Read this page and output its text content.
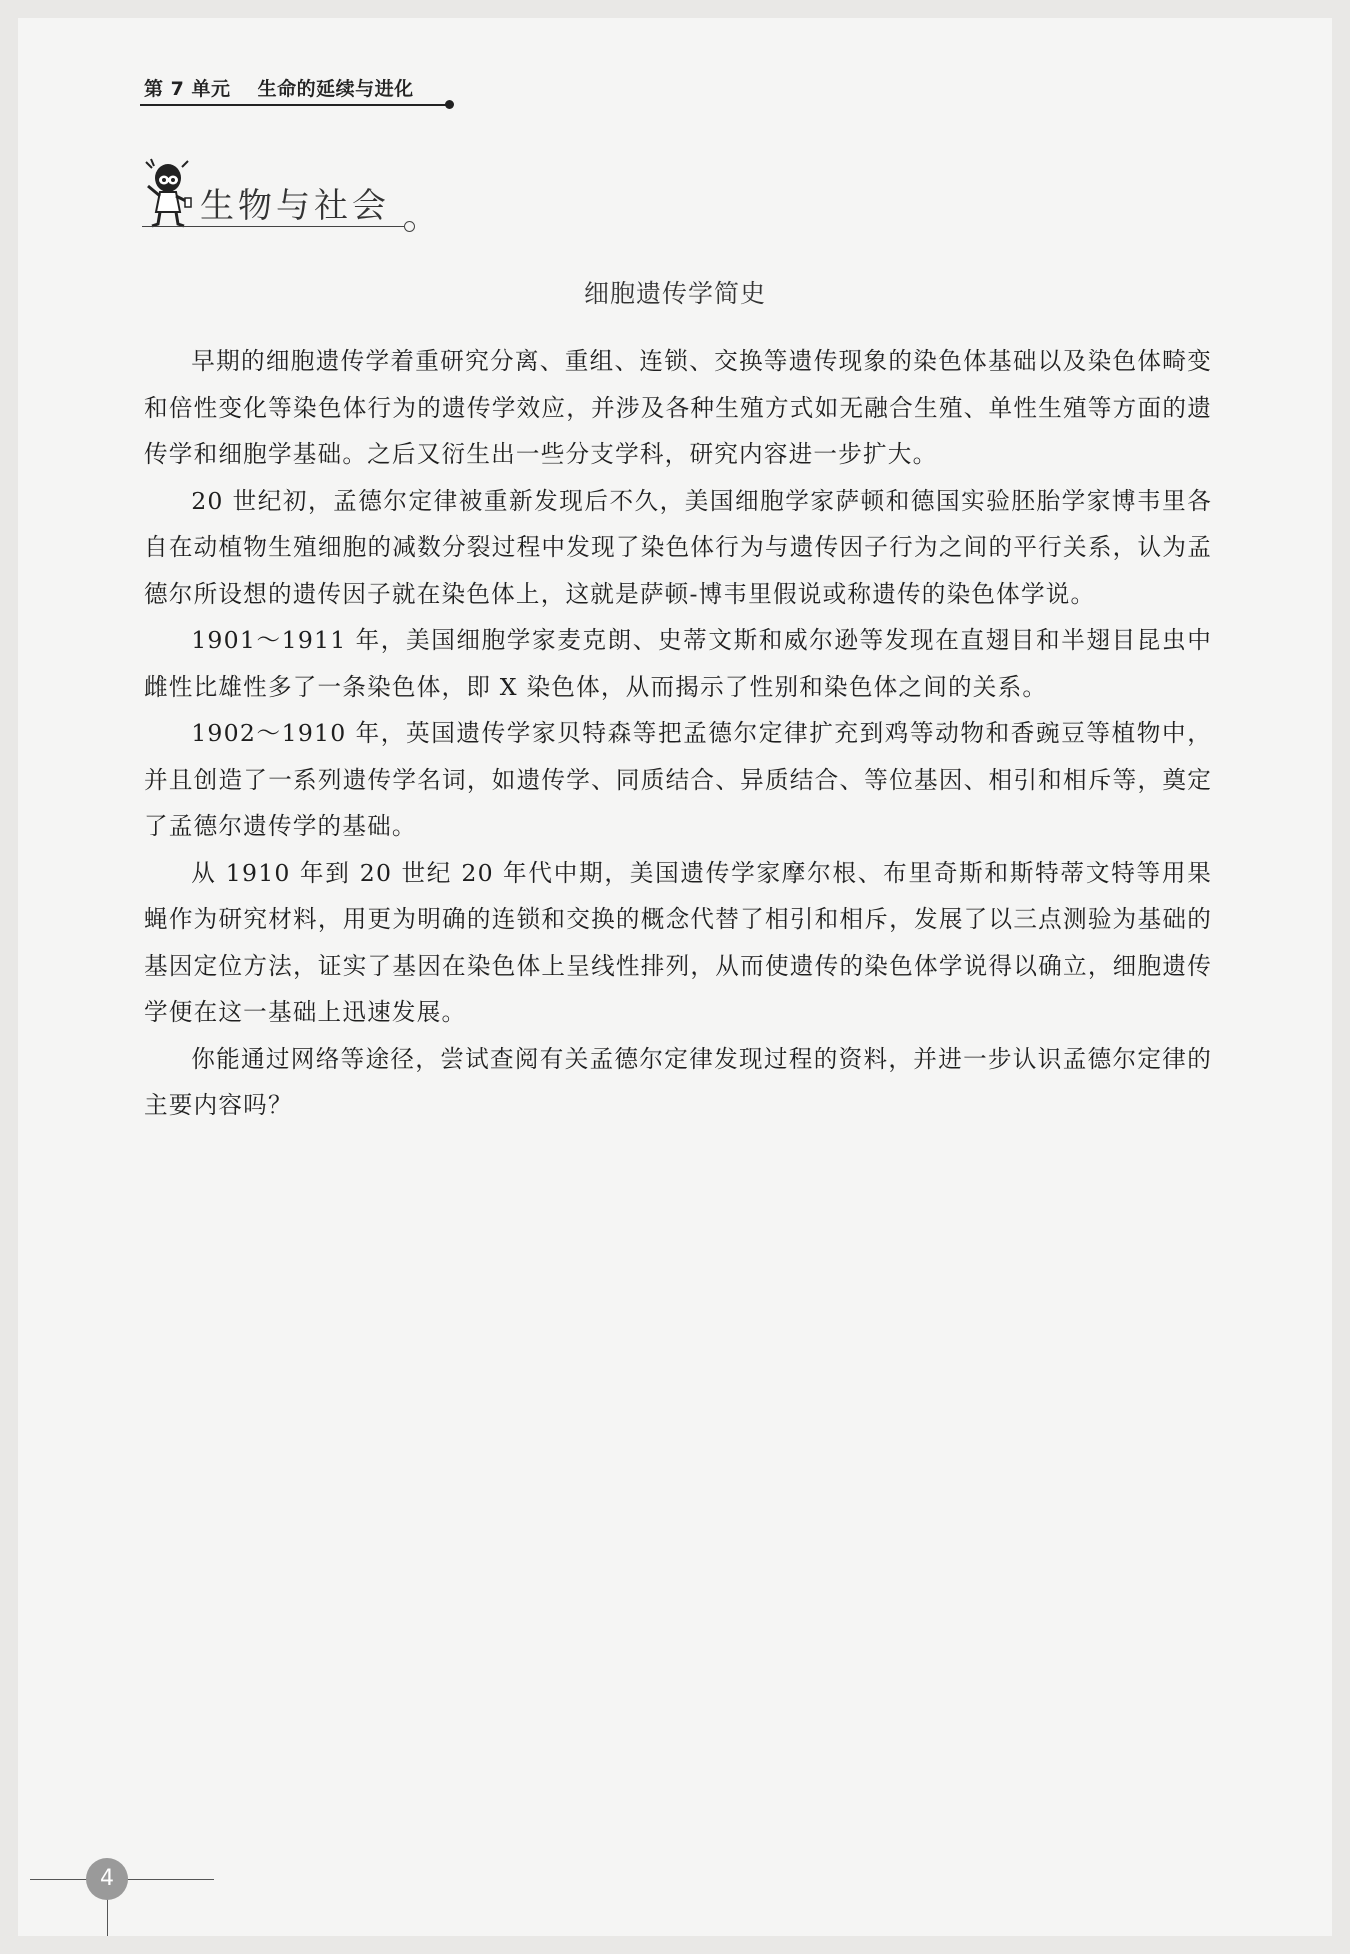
第 7 单元 生命的延续与进化
生物与社会
细胞遗传学简史

早期的细胞遗传学着重研究分离、重组、连锁、交换等遗传现象的染色体基础以及染色体畸变和倍性变化等染色体行为的遗传学效应，并涉及各种生殖方式如无融合生殖、单性生殖等方面的遗传学和细胞学基础。之后又衍生出一些分支学科，研究内容进一步扩大。

20 世纪初，孟德尔定律被重新发现后不久，美国细胞学家萨顿和德国实验胚胎学家博韦里各自在动植物生殖细胞的减数分裂过程中发现了染色体行为与遗传因子行为之间的平行关系，认为孟德尔所设想的遗传因子就在染色体上，这就是萨顿-博韦里假说或称遗传的染色体学说。

1901～1911 年，美国细胞学家麦克朗、史蒂文斯和威尔逊等发现在直翅目和半翅目昆虫中雌性比雄性多了一条染色体，即 X 染色体，从而揭示了性别和染色体之间的关系。

1902～1910 年，英国遗传学家贝特森等把孟德尔定律扩充到鸡等动物和香豌豆等植物中，并且创造了一系列遗传学名词，如遗传学、同质结合、异质结合、等位基因、相引和相斥等，奠定了孟德尔遗传学的基础。

从 1910 年到 20 世纪 20 年代中期，美国遗传学家摩尔根、布里奇斯和斯特蒂文特等用果蝇作为研究材料，用更为明确的连锁和交换的概念代替了相引和相斥，发展了以三点测验为基础的基因定位方法，证实了基因在染色体上呈线性排列，从而使遗传的染色体学说得以确立，细胞遗传学便在这一基础上迅速发展。

你能通过网络等途径，尝试查阅有关孟德尔定律发现过程的资料，并进一步认识孟德尔定律的主要内容吗？

4
